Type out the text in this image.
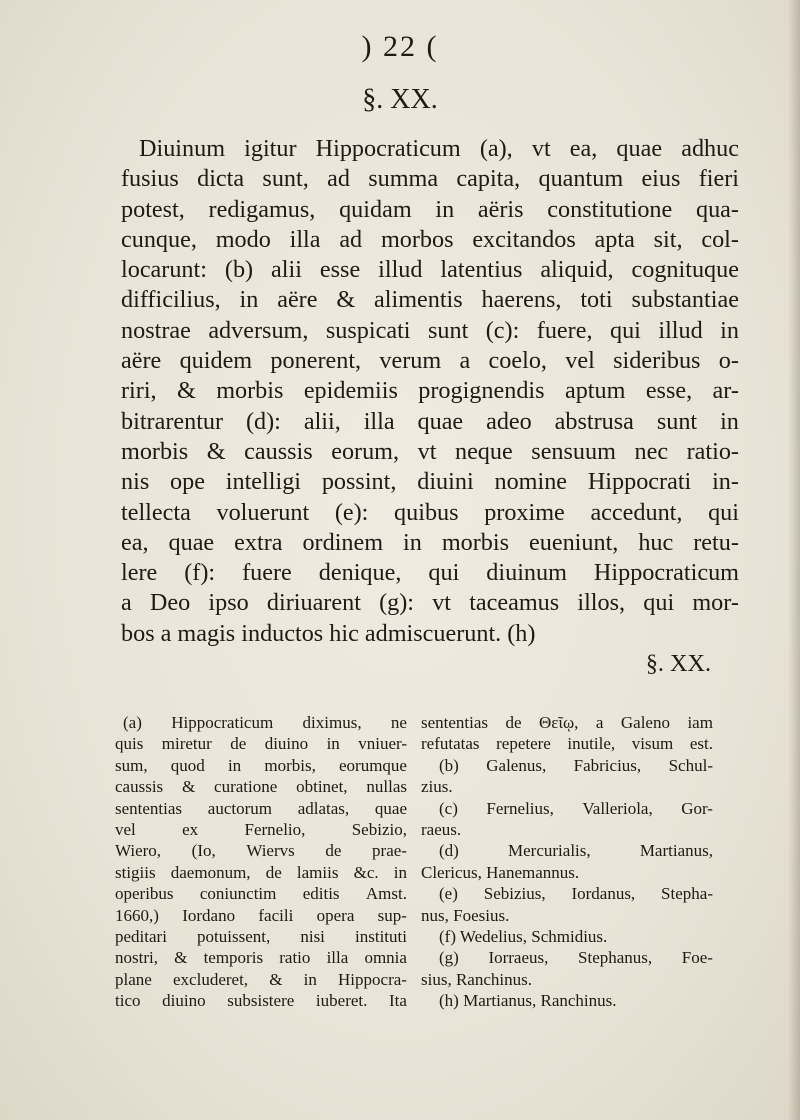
) 22 (
§. XX.
Diuinum igitur Hippocraticum (a), vt ea, quae adhuc
fusius dicta sunt, ad summa capita, quantum eius fieri
potest, redigamus, quidam in aëris constitutione qua-
cunque, modo illa ad morbos excitandos apta sit, col-
locarunt: (b) alii esse illud latentius aliquid, cognituque
difficilius, in aëre & alimentis haerens, toti substantiae
nostrae adversum, suspicati sunt (c): fuere, qui illud in
aëre quidem ponerent, verum a coelo, vel sideribus o-
riri, & morbis epidemiis progignendis aptum esse, ar-
bitrarentur (d): alii, illa quae adeo abstrusa sunt in
morbis & caussis eorum, vt neque sensuum nec ratio-
nis ope intelligi possint, diuini nomine Hippocrati in-
tellecta voluerunt (e): quibus proxime accedunt, qui
ea, quae extra ordinem in morbis eueniunt, huc retu-
lere (f): fuere denique, qui diuinum Hippocraticum
a Deo ipso diriuarent (g): vt taceamus illos, qui mor-
bos a magis inductos hic admiscuerunt. (h)
§. XX.
(a) Hippocraticum diximus, ne
quis miretur de diuino in vniuer-
sum, quod in morbis, eorumque
caussis & curatione obtinet, nullas
sententias auctorum adlatas, quae
vel	ex	Fernelio,	Sebizio,
Wiero, (Io, Wiervs de prae-
stigiis daemonum, de lamiis &c. in
operibus coniunctim editis Amst.
1660,) Iordano facili opera sup-
peditari potuissent, nisi instituti
nostri, & temporis ratio illa omnia
plane excluderet, & in Hippocra-
tico diuino subsistere iuberet. Ita
sententias de Θεῖῳ, a Galeno iam
refutatas repetere inutile, visum est.
(b) Galenus, Fabricius, Schul-
zius.
(c) Fernelius, Valleriola, Gor-
raeus.
(d)	Mercurialis,	Martianus,
Clericus, Hanemannus.
(e) Sebizius, Iordanus, Stepha-
nus, Foesius.
(f) Wedelius, Schmidius.
(g) Iorraeus, Stephanus, Foe-
sius, Ranchinus.
(h) Martianus, Ranchinus.
